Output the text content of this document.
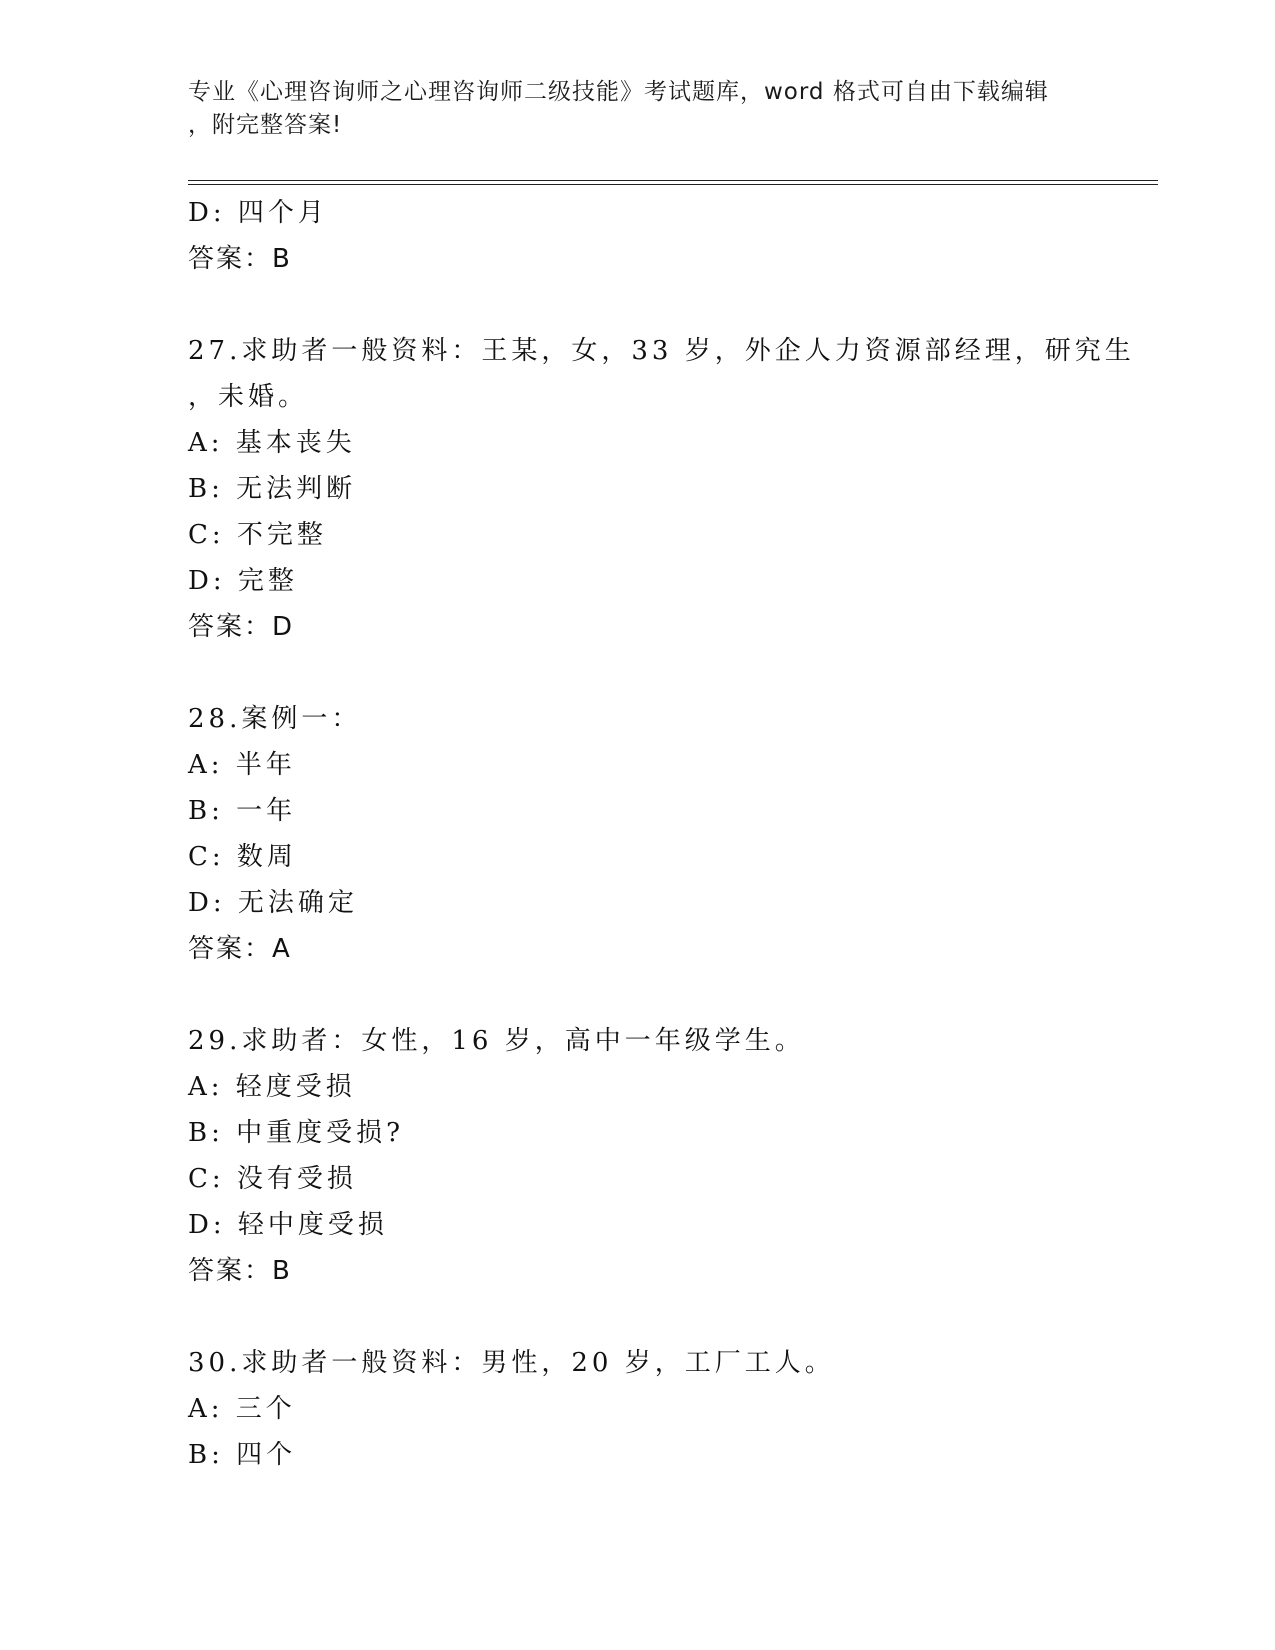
专业《心理咨询师之心理咨询师二级技能》考试题库，word 格式可自由下载编辑
，附完整答案!
D: 四个月
答案：B
27.求助者一般资料：王某，女，33 岁，外企人力资源部经理，研究生
，未婚。
A: 基本丧失
B: 无法判断
C: 不完整
D: 完整
答案：D
28.案例一：
A: 半年
B: 一年
C: 数周
D: 无法确定
答案：A
29.求助者：女性，16 岁，高中一年级学生。
A: 轻度受损
B: 中重度受损?
C: 没有受损
D: 轻中度受损
答案：B
30.求助者一般资料：男性，20 岁，工厂工人。
A: 三个
B: 四个
